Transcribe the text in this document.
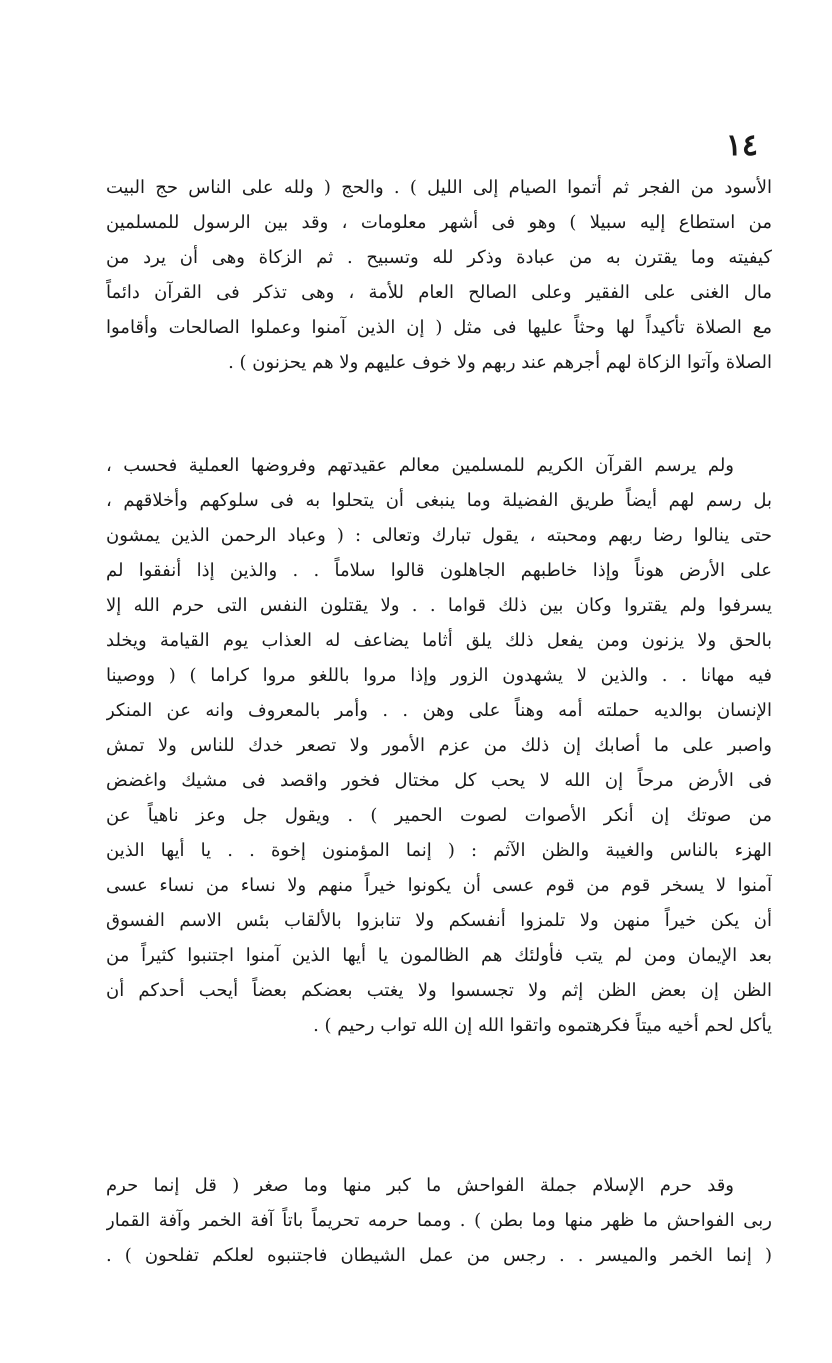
١٤
الأسود من الفجر ثم أتموا الصيام إلى الليل ) . والحج ( ولله على الناس حج البيت
من استطاع إليه سبيلا ) وهو فى أشهر معلومات ، وقد بين الرسول للمسلمين
كيفيته وما يقترن به من عبادة وذكر لله وتسبيح . ثم الزكاة وهى أن يرد من
مال الغنى على الفقير وعلى الصالح العام للأمة ، وهى تذكر فى القرآن دائماً
مع الصلاة تأكيداً لها وحثاً عليها فى مثل ( إن الذين آمنوا وعملوا الصالحات وأقاموا
الصلاة وآتوا الزكاة لهم أجرهم عند ربهم ولا خوف عليهم ولا هم يحزنون ) .
ولم يرسم القرآن الكريم للمسلمين معالم عقيدتهم وفروضها العملية فحسب ،
بل رسم لهم أيضاً طريق الفضيلة وما ينبغى أن يتحلوا به فى سلوكهم وأخلاقهم ،
حتى ينالوا رضا ربهم ومحبته ، يقول تبارك وتعالى : ( وعباد الرحمن الذين يمشون
على الأرض هوناً وإذا خاطبهم الجاهلون قالوا سلاماً . . والذين إذا أنفقوا لم
يسرفوا ولم يقتروا وكان بين ذلك قواما . . ولا يقتلون النفس التى حرم الله إلا
بالحق ولا يزنون ومن يفعل ذلك يلق أثاما يضاعف له العذاب يوم القيامة ويخلد
فيه مهانا . . والذين لا يشهدون الزور وإذا مروا باللغو مروا كراما ) ( ووصينا
الإنسان بوالديه حملته أمه وهناً على وهن . . وأمر بالمعروف وانه عن المنكر
واصبر على ما أصابك إن ذلك من عزم الأمور ولا تصعر خدك للناس ولا تمش
فى الأرض مرحاً إن الله لا يحب كل مختال فخور واقصد فى مشيك واغضض
من صوتك إن أنكر الأصوات لصوت الحمير ) . ويقول جل وعز ناهياً عن
الهزء بالناس والغيبة والظن الآثم : ( إنما المؤمنون إخوة . . يا أيها الذين
آمنوا لا يسخر قوم من قوم عسى أن يكونوا خيراً منهم ولا نساء من نساء عسى
أن يكن خيراً منهن ولا تلمزوا أنفسكم ولا تنابزوا بالألقاب بئس الاسم الفسوق
بعد الإيمان ومن لم يتب فأولئك هم الظالمون يا أيها الذين آمنوا اجتنبوا كثيراً من
الظن إن بعض الظن إثم ولا تجسسوا ولا يغتب بعضكم بعضاً أيحب أحدكم أن
يأكل لحم أخيه ميتاً فكرهتموه واتقوا الله إن الله تواب رحيم ) .
وقد حرم الإسلام جملة الفواحش ما كبر منها وما صغر ( قل إنما حرم
ربى الفواحش ما ظهر منها وما بطن ) . ومما حرمه تحريماً باتاً آفة الخمر وآفة القمار
( إنما الخمر والميسر . . رجس من عمل الشيطان فاجتنبوه لعلكم تفلحون ) .
